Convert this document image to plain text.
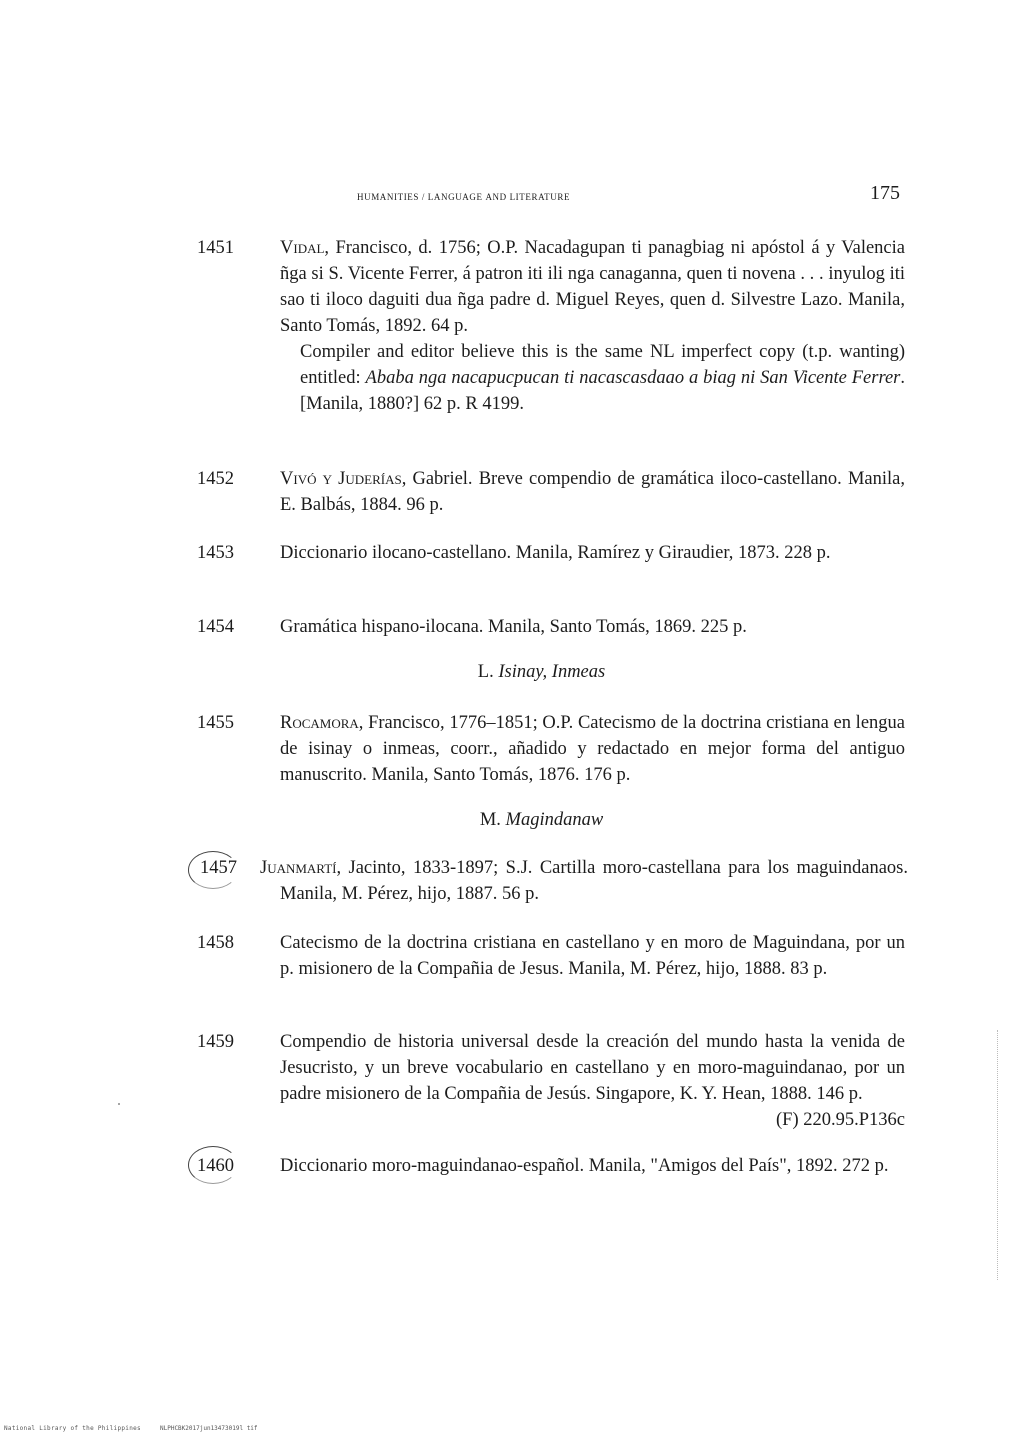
humanities / language and literature	175
1451	Vidal, Francisco, d. 1756; O.P. Nacadagupan ti panagbiag ni apóstol á y Valencia ñga si S. Vicente Ferrer, á patron iti ili nga canaganna, quen ti novena . . . inyulog iti sao ti iloco daguiti dua ñga padre d. Miguel Reyes, quen d. Silvestre Lazo. Manila, Santo Tomás, 1892. 64 p.
Compiler and editor believe this is the same NL imperfect copy (t.p. wanting) entitled: Ababa nga nacapucpucan ti nacascasdaao a biag ni San Vicente Ferrer. [Manila, 1880?] 62 p. R 4199.
1452	Vivó y Juderías, Gabriel. Breve compendio de gramática iloco-castellano. Manila, E. Balbás, 1884. 96 p.
1453	Diccionario ilocano-castellano. Manila, Ramírez y Giraudier, 1873. 228 p.
1454	Gramática hispano-ilocana. Manila, Santo Tomás, 1869. 225 p.
L. Isinay, Inmeas
1455	Rocamora, Francisco, 1776–1851; O.P. Catecismo de la doctrina cristiana en lengua de isinay o inmeas, coorr., añadido y redactado en mejor forma del antiguo manuscrito. Manila, Santo Tomás, 1876. 176 p.
M. Magindanaw
1457	Juanmartí, Jacinto, 1833-1897; S.J. Cartilla moro-castellana para los maguindanaos. Manila, M. Pérez, hijo, 1887. 56 p.
1458	Catecismo de la doctrina cristiana en castellano y en moro de Maguindana, por un p. misionero de la Compañia de Jesus. Manila, M. Pérez, hijo, 1888. 83 p.
1459	Compendio de historia universal desde la creación del mundo hasta la venida de Jesucristo, y un breve vocabulario en castellano y en moro-maguindanao, por un padre misionero de la Compañia de Jesús. Singapore, K. Y. Hean, 1888. 146 p.
(F) 220.95.P136c
1460	Diccionario moro-maguindanao-español. Manila, "Amigos del País", 1892. 272 p.
National Library of the Philippines	NLPHCBK2017jun13473019l tif
